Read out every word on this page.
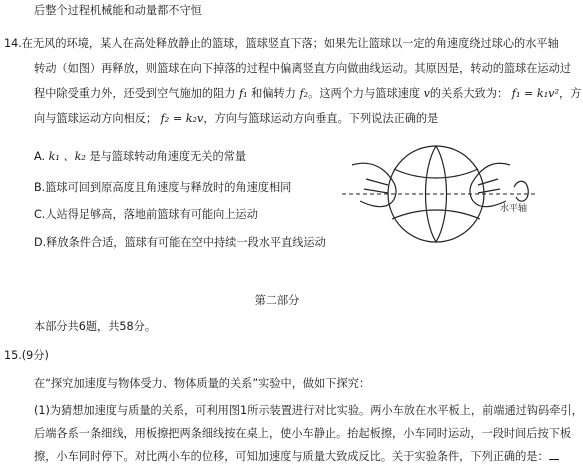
后整个过程机械能和动量都不守恒
14.在无风的环境，某人在高处释放静止的篮球，篮球竖直下落；如果先让篮球以一定的角速度绕过球心的水平轴
转动（如图）再释放，则篮球在向下掉落的过程中偏离竖直方向做曲线运动。其原因是，转动的篮球在运动过
程中除受重力外，还受到空气施加的阻力 f₁ 和偏转力 f₂。这两个力与篮球速度 v的关系大致为： f₁ = k₁v²，方
向与篮球运动方向相反； f₂ = k₂v，方向与篮球运动方向垂直。下列说法正确的是
A. k₁ 、k₂ 是与篮球转动角速度无关的常量
B.篮球可回到原高度且角速度与释放时的角速度相同
C.人站得足够高，落地前篮球有可能向上运动
D.释放条件合适，篮球有可能在空中持续一段水平直线运动
水平轴
第二部分
本部分共6题，共58分。
15.(9分)
在“探究加速度与物体受力、物体质量的关系”实验中，做如下探究：
(1)为猜想加速度与质量的关系，可利用图1所示装置进行对比实验。两小车放在水平板上，前端通过钩码牵引，
后端各系一条细线，用板擦把两条细线按在桌上，使小车静止。抬起板擦，小车同时运动，一段时间后按下板
擦，小车同时停下。对比两小车的位移，可知加速度与质量大致成反比。关于实验条件，下列正确的是：
